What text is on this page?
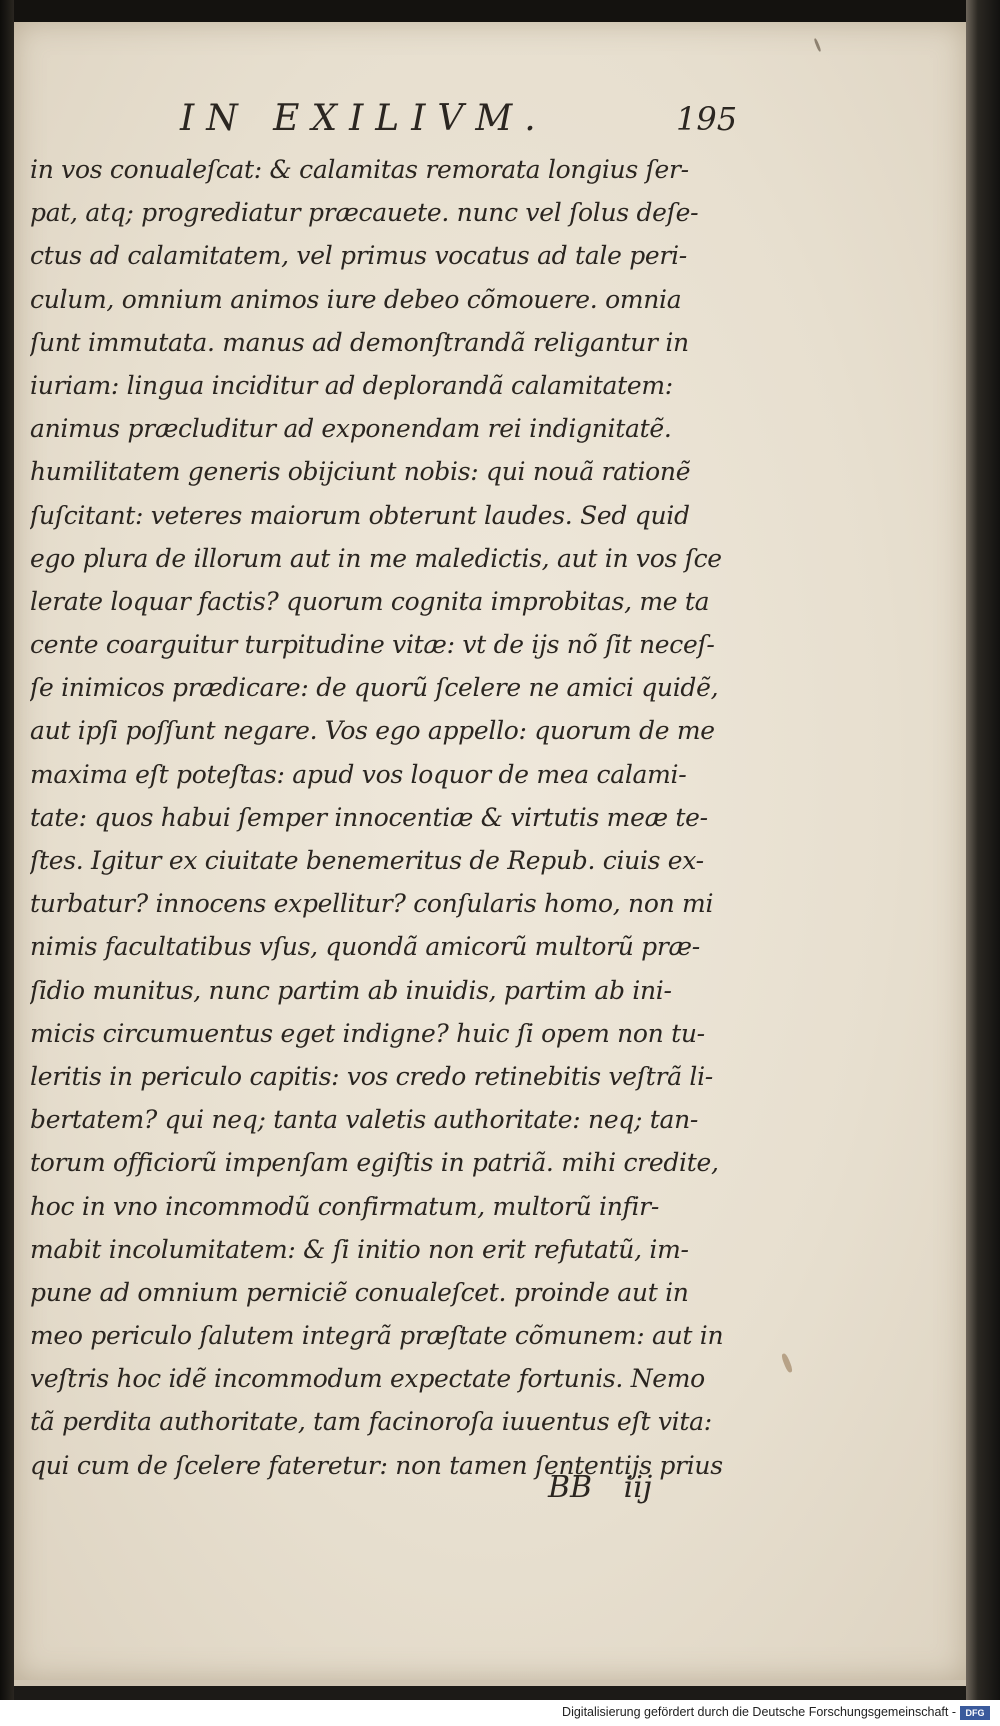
IN EXILIVM.	195
in vos conualeſcat: & calamitas remorata longius ſer-
pat, atq; progrediatur præcauete. nunc vel ſolus deſe-
ctus ad calamitatem, vel primus vocatus ad tale peri-
culum, omnium animos iure debeo cõmouere. omnia
ſunt immutata. manus ad demonſtrandã religantur in
iuriam: lingua inciditur ad deplorandã calamitatem:
animus præcluditur ad exponendam rei indignitatẽ.
humilitatem generis obijciunt nobis: qui nouã rationẽ
ſuſcitant: veteres maiorum obterunt laudes. Sed quid
ego plura de illorum aut in me maledictis, aut in vos ſce
lerate loquar factis? quorum cognita improbitas, me ta
cente coarguitur turpitudine vitæ: vt de ijs nõ ſit neceſ-
ſe inimicos prædicare: de quorũ ſcelere ne amici quidẽ,
aut ipſi poſſunt negare. Vos ego appello: quorum de me
maxima eſt poteſtas: apud vos loquor de mea calami-
tate: quos habui ſemper innocentiæ & virtutis meæ te-
ſtes. Igitur ex ciuitate benemeritus de Repub. ciuis ex-
turbatur? innocens expellitur? conſularis homo, non mi
nimis facultatibus vſus, quondã amicorũ multorũ præ-
ſidio munitus, nunc partim ab inuidis, partim ab ini-
micis circumuentus eget indigne? huic ſi opem non tu-
leritis in periculo capitis: vos credo retinebitis veſtrã li-
bertatem? qui neq; tanta valetis authoritate: neq; tan-
torum officiorũ impenſam egiſtis in patriã. mihi credite,
hoc in vno incommodũ confirmatum, multorũ infir-
mabit incolumitatem: & ſi initio non erit refutatũ, im-
pune ad omnium perniciẽ conualeſcet. proinde aut in
meo periculo ſalutem integrã præſtate cõmunem: aut in
veſtris hoc idẽ incommodum expectate fortunis. Nemo
tã perdita authoritate, tam facinoroſa iuuentus eſt vita:
qui cum de ſcelere fateretur: non tamen ſententijs prius
BB iij
Digitalisierung gefördert durch die Deutsche Forschungsgemeinschaft -	DFG
